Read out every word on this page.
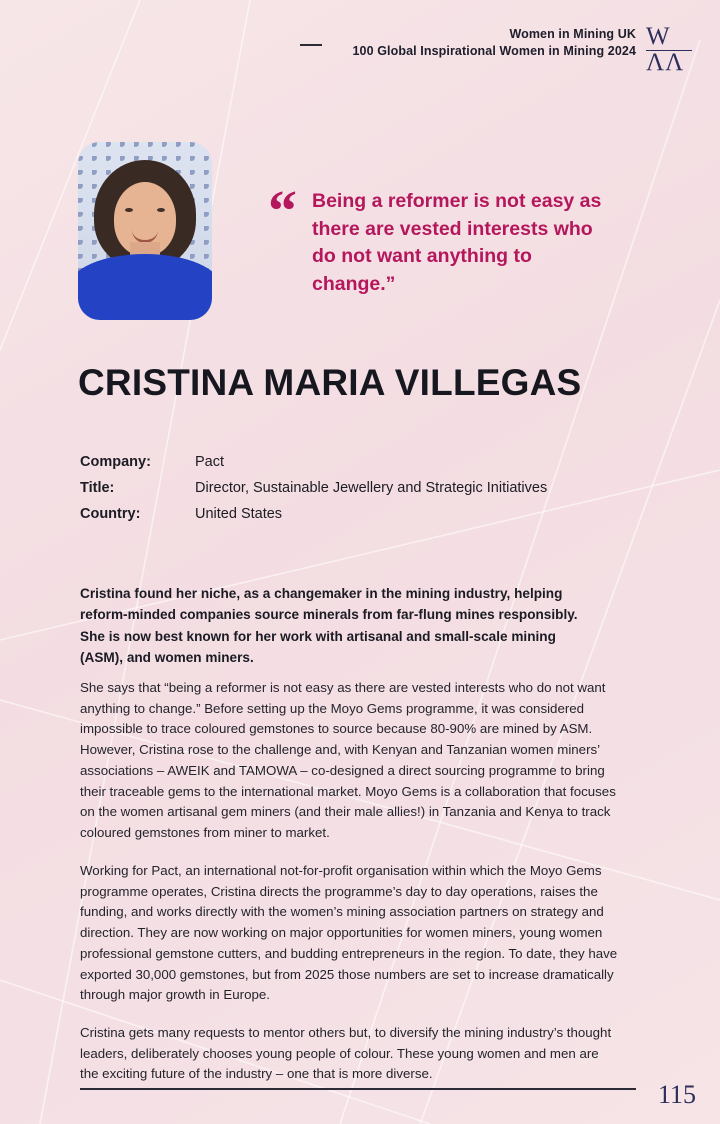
Women in Mining UK
100 Global Inspirational Women in Mining 2024
W
ΛΛ
“ Being a reformer is not easy as there are vested interests who do not want anything to change.”
CRISTINA MARIA VILLEGAS
Company:	Pact
Title:	Director, Sustainable Jewellery and Strategic Initiatives
Country:	United States
Cristina found her niche, as a changemaker in the mining industry, helping reform-minded companies source minerals from far-flung mines responsibly. She is now best known for her work with artisanal and small-scale mining (ASM), and women miners.

She says that “being a reformer is not easy as there are vested interests who do not want anything to change.” Before setting up the Moyo Gems programme, it was considered impossible to trace coloured gemstones to source because 80-90% are mined by ASM. However, Cristina rose to the challenge and, with Kenyan and Tanzanian women miners’ associations – AWEIK and TAMOWA – co-designed a direct sourcing programme to bring their traceable gems to the international market. Moyo Gems is a collaboration that focuses on the women artisanal gem miners (and their male allies!) in Tanzania and Kenya to track coloured gemstones from miner to market.

Working for Pact, an international not-for-profit organisation within which the Moyo Gems programme operates, Cristina directs the programme’s day to day operations, raises the funding, and works directly with the women’s mining association partners on strategy and direction. They are now working on major opportunities for women miners, young women professional gemstone cutters, and budding entrepreneurs in the region. To date, they have exported 30,000 gemstones, but from 2025 those numbers are set to increase dramatically through major growth in Europe.

Cristina gets many requests to mentor others but, to diversify the mining industry’s thought leaders, deliberately chooses young people of colour. These young women and men are the exciting future of the industry – one that is more diverse.

115
